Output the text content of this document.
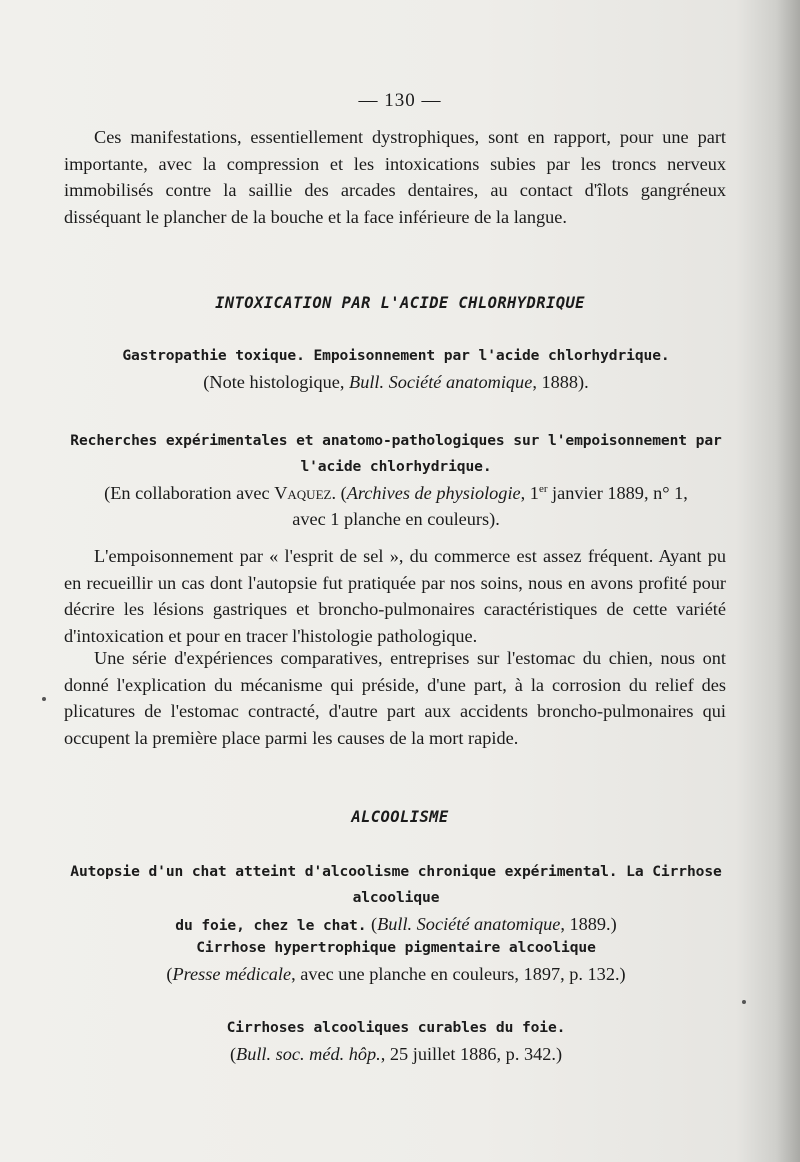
— 130 —
Ces manifestations, essentiellement dystrophiques, sont en rapport, pour une part importante, avec la compression et les intoxications subies par les troncs nerveux immobilisés contre la saillie des arcades dentaires, au contact d'îlots gangréneux disséquant le plancher de la bouche et la face inférieure de la langue.
INTOXICATION PAR L'ACIDE CHLORHYDRIQUE
Gastropathie toxique. Empoisonnement par l'acide chlorhydrique.
(Note histologique, Bull. Société anatomique, 1888).
Recherches expérimentales et anatomo-pathologiques sur l'empoisonnement par
l'acide chlorhydrique.
(En collaboration avec Vaquez. (Archives de physiologie, 1er janvier 1889, n° 1,
avec 1 planche en couleurs).
L'empoisonnement par « l'esprit de sel », du commerce est assez fréquent. Ayant pu en recueillir un cas dont l'autopsie fut pratiquée par nos soins, nous en avons profité pour décrire les lésions gastriques et broncho-pulmonaires caractéristiques de cette variété d'intoxication et pour en tracer l'histologie pathologique.
Une série d'expériences comparatives, entreprises sur l'estomac du chien, nous ont donné l'explication du mécanisme qui préside, d'une part, à la corrosion du relief des plicatures de l'estomac contracté, d'autre part aux accidents broncho-pulmonaires qui occupent la première place parmi les causes de la mort rapide.
ALCOOLISME
Autopsie d'un chat atteint d'alcoolisme chronique expérimental. La Cirrhose alcoolique
du foie, chez le chat. (Bull. Société anatomique, 1889.)
Cirrhose hypertrophique pigmentaire alcoolique
(Presse médicale, avec une planche en couleurs, 1897, p. 132.)
Cirrhoses alcooliques curables du foie.
(Bull. soc. méd. hôp., 25 juillet 1886, p. 342.)
